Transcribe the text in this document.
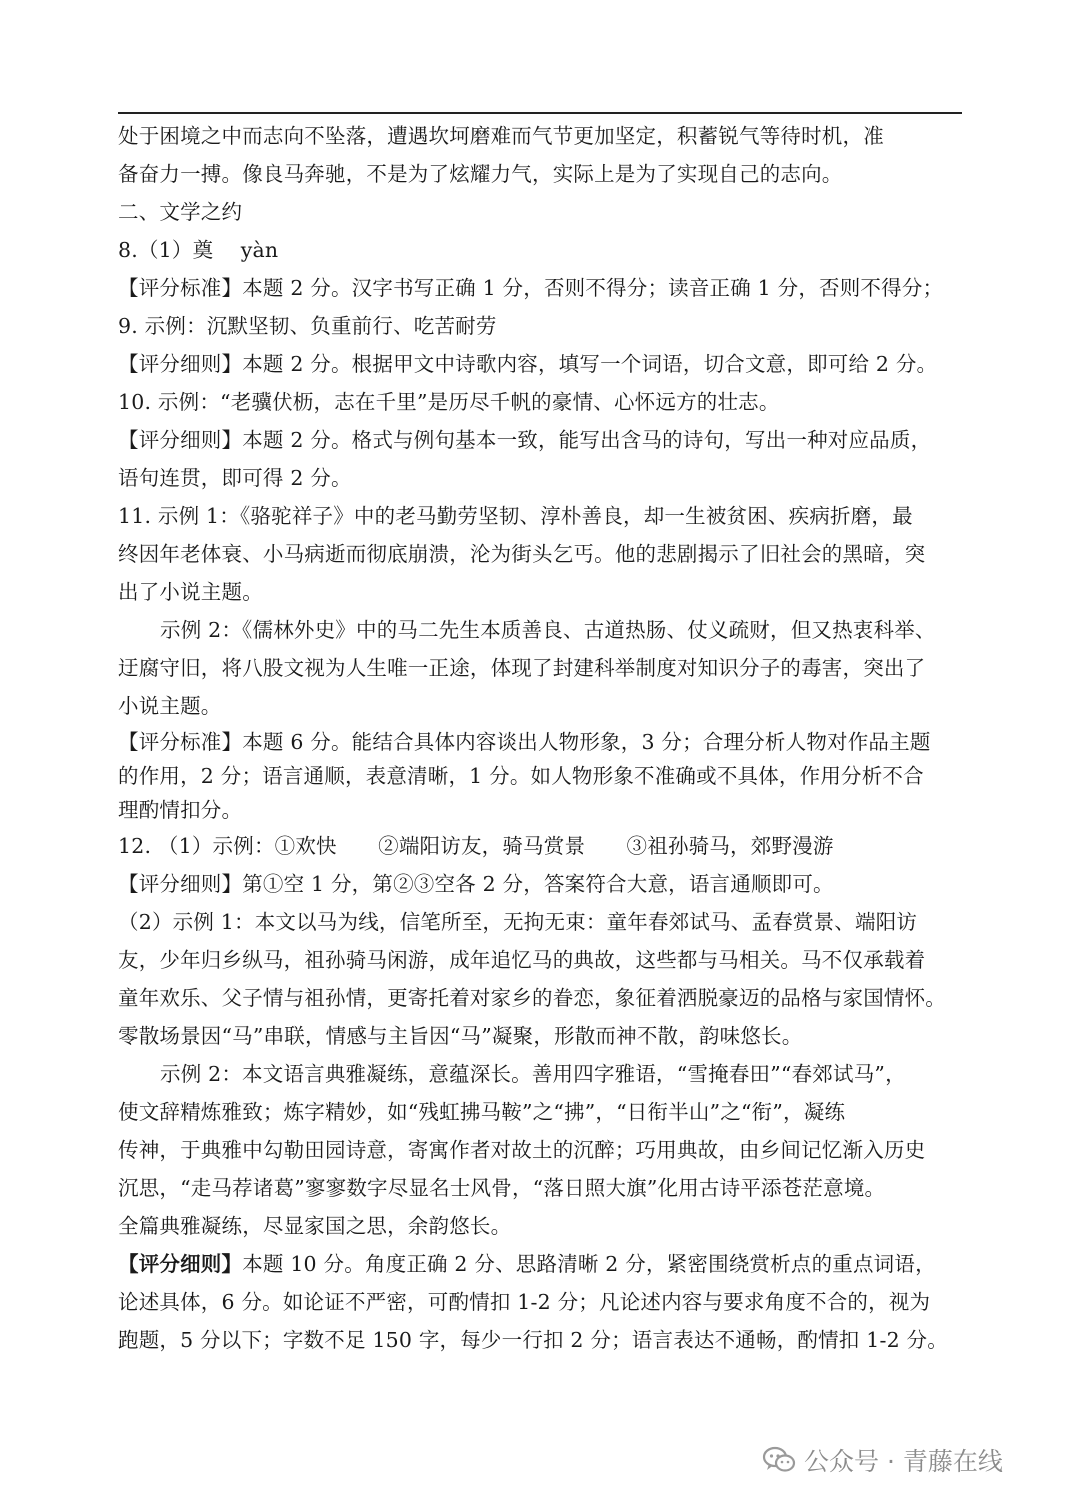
处于困境之中而志向不坠落，遭遇坎坷磨难而气节更加坚定，积蓄锐气等待时机，准
备奋力一搏。像良马奔驰，不是为了炫耀力气，实际上是为了实现自己的志向。
二、文学之约
8.（1）奠　 yàn
【评分标准】本题 2 分。汉字书写正确 1 分，否则不得分；读音正确 1 分，否则不得分；
9. 示例：沉默坚韧、负重前行、吃苦耐劳
【评分细则】本题 2 分。根据甲文中诗歌内容，填写一个词语，切合文意，即可给 2 分。
10. 示例：“老骥伏枥，志在千里”是历尽千帆的豪情、心怀远方的壮志。
【评分细则】本题 2 分。格式与例句基本一致，能写出含马的诗句，写出一种对应品质，
语句连贯，即可得 2 分。
11. 示例 1：《骆驼祥子》中的老马勤劳坚韧、淳朴善良，却一生被贫困、疾病折磨，最
终因年老体衰、小马病逝而彻底崩溃，沦为街头乞丐。他的悲剧揭示了旧社会的黑暗，突
出了小说主题。
示例 2：《儒林外史》中的马二先生本质善良、古道热肠、仗义疏财，但又热衷科举、
迂腐守旧，将八股文视为人生唯一正途，体现了封建科举制度对知识分子的毒害，突出了
小说主题。
【评分标准】本题 6 分。能结合具体内容谈出人物形象，3 分；合理分析人物对作品主题
的作用，2 分；语言通顺，表意清晰，1 分。如人物形象不准确或不具体，作用分析不合
理酌情扣分。
12. （1）示例：①欢快　　②端阳访友，骑马赏景　　③祖孙骑马，郊野漫游
【评分细则】第①空 1 分，第②③空各 2 分，答案符合大意，语言通顺即可。
（2）示例 1：本文以马为线，信笔所至，无拘无束：童年春郊试马、孟春赏景、端阳访
友，少年归乡纵马，祖孙骑马闲游，成年追忆马的典故，这些都与马相关。马不仅承载着
童年欢乐、父子情与祖孙情，更寄托着对家乡的眷恋，象征着洒脱豪迈的品格与家国情怀。
零散场景因“马”串联，情感与主旨因“马”凝聚，形散而神不散，韵味悠长。
示例 2：本文语言典雅凝练，意蕴深长。善用四字雅语，“雪掩春田”“春郊试马”，
使文辞精炼雅致；炼字精妙，如“残虹拂马鞍”之“拂”，“日衔半山”之“衔”，凝练
传神，于典雅中勾勒田园诗意，寄寓作者对故土的沉醉；巧用典故，由乡间记忆渐入历史
沉思，“走马荐诸葛”寥寥数字尽显名士风骨，“落日照大旗”化用古诗平添苍茫意境。
全篇典雅凝练，尽显家国之思，余韵悠长。
【评分细则】本题 10 分。角度正确 2 分、思路清晰 2 分，紧密围绕赏析点的重点词语，
论述具体，6 分。如论证不严密，可酌情扣 1-2 分；凡论述内容与要求角度不合的，视为
跑题，5 分以下；字数不足 150 字，每少一行扣 2 分；语言表达不通畅，酌情扣 1-2 分。
公众号 · 青藤在线
